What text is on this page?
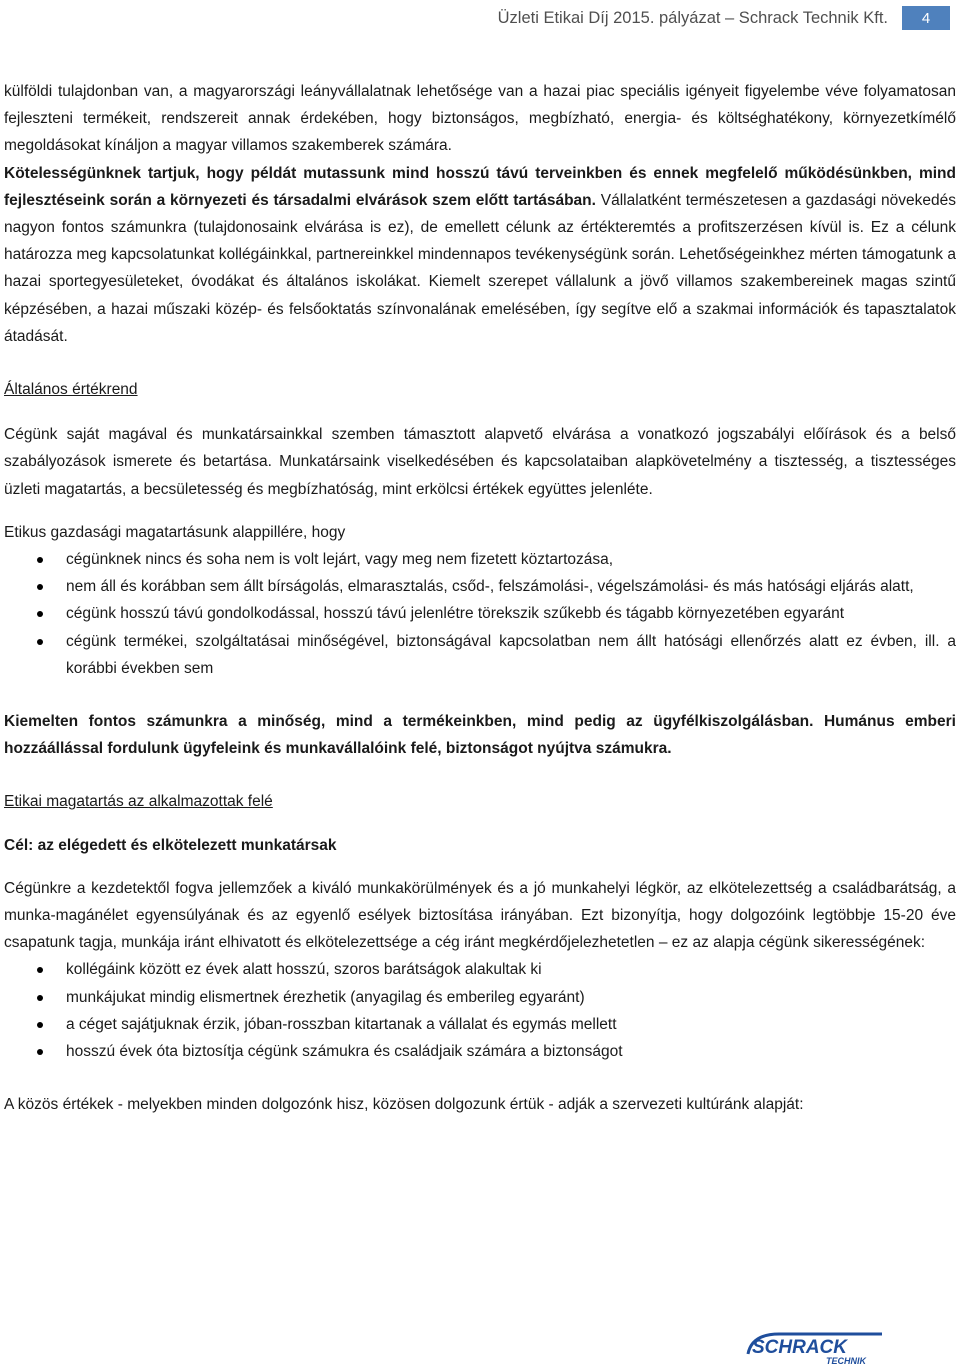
Üzleti Etikai Díj 2015. pályázat – Schrack Technik Kft.	4

külföldi tulajdonban van, a magyarországi leányvállalatnak lehetősége van a hazai piac speciális igényeit figyelembe véve folyamatosan fejleszteni termékeit, rendszereit annak érdekében, hogy biztonságos, megbízható, energia- és költséghatékony, környezetkímélő megoldásokat kínáljon a magyar villamos szakemberek számára.

Kötelességünknek tartjuk, hogy példát mutassunk mind hosszú távú terveinkben és ennek megfelelő működésünkben, mind fejlesztéseink során a környezeti és társadalmi elvárások szem előtt tartásában. Vállalatként természetesen a gazdasági növekedés nagyon fontos számunkra (tulajdonosaink elvárása is ez), de emellett célunk az értékteremtés a profitszerzésen kívül is. Ez a célunk határozza meg kapcsolatunkat kollégáinkkal, partnereinkkel mindennapos tevékenységünk során. Lehetőségeinkhez mérten támogatunk a hazai sportegyesületeket, óvodákat és általános iskolákat. Kiemelt szerepet vállalunk a jövő villamos szakembereinek magas szintű képzésében, a hazai műszaki közép- és felsőoktatás színvonalának emelésében, így segítve elő a szakmai információk és tapasztalatok átadását.

Általános értékrend

Cégünk saját magával és munkatársainkkal szemben támasztott alapvető elvárása a vonatkozó jogszabályi előírások és a belső szabályozások ismerete és betartása. Munkatársaink viselkedésében és kapcsolataiban alapkövetelmény a tisztesség, a tisztességes üzleti magatartás, a becsületesség és megbízhatóság, mint erkölcsi értékek együttes jelenléte.

Etikus gazdasági magatartásunk alappillére, hogy

cégünknek nincs és soha nem is volt lejárt, vagy meg nem fizetett köztartozása,
nem áll és korábban sem állt bírságolás, elmarasztalás, csőd-, felszámolási-, végelszámolási- és más hatósági eljárás alatt,
cégünk hosszú távú gondolkodással, hosszú távú jelenlétre törekszik szűkebb és tágabb környezetében egyaránt
cégünk termékei, szolgáltatásai minőségével, biztonságával kapcsolatban nem állt hatósági ellenőrzés alatt ez évben, ill. a korábbi években sem

Kiemelten fontos számunkra a minőség, mind a termékeinkben, mind pedig az ügyfélkiszolgálásban. Humánus emberi hozzáállással fordulunk ügyfeleink és munkavállalóink felé, biztonságot nyújtva számukra.

Etikai magatartás az alkalmazottak felé

Cél: az elégedett és elkötelezett munkatársak

Cégünkre a kezdetektől fogva jellemzőek a kiváló munkakörülmények és a jó munkahelyi légkör, az elkötelezettség a családbarátság, a munka-magánélet egyensúlyának és az egyenlő esélyek biztosítása irányában. Ezt bizonyítja, hogy dolgozóink legtöbbje 15-20 éve csapatunk tagja, munkája iránt elhivatott és elkötelezettsége a cég iránt megkérdőjelezhetetlen – ez az alapja cégünk sikerességének:

kollégáink között ez évek alatt hosszú, szoros barátságok alakultak ki
munkájukat mindig elismertnek érezhetik (anyagilag és emberileg egyaránt)
a céget sajátjuknak érzik, jóban-rosszban kitartanak a vállalat és egymás mellett
hosszú évek óta biztosítja cégünk számukra és családjaik számára a biztonságot

A közös értékek - melyekben minden dolgozónk hisz, közösen dolgozunk értük - adják a szervezeti kultúránk alapját:

SCHRACK
TECHNIK
